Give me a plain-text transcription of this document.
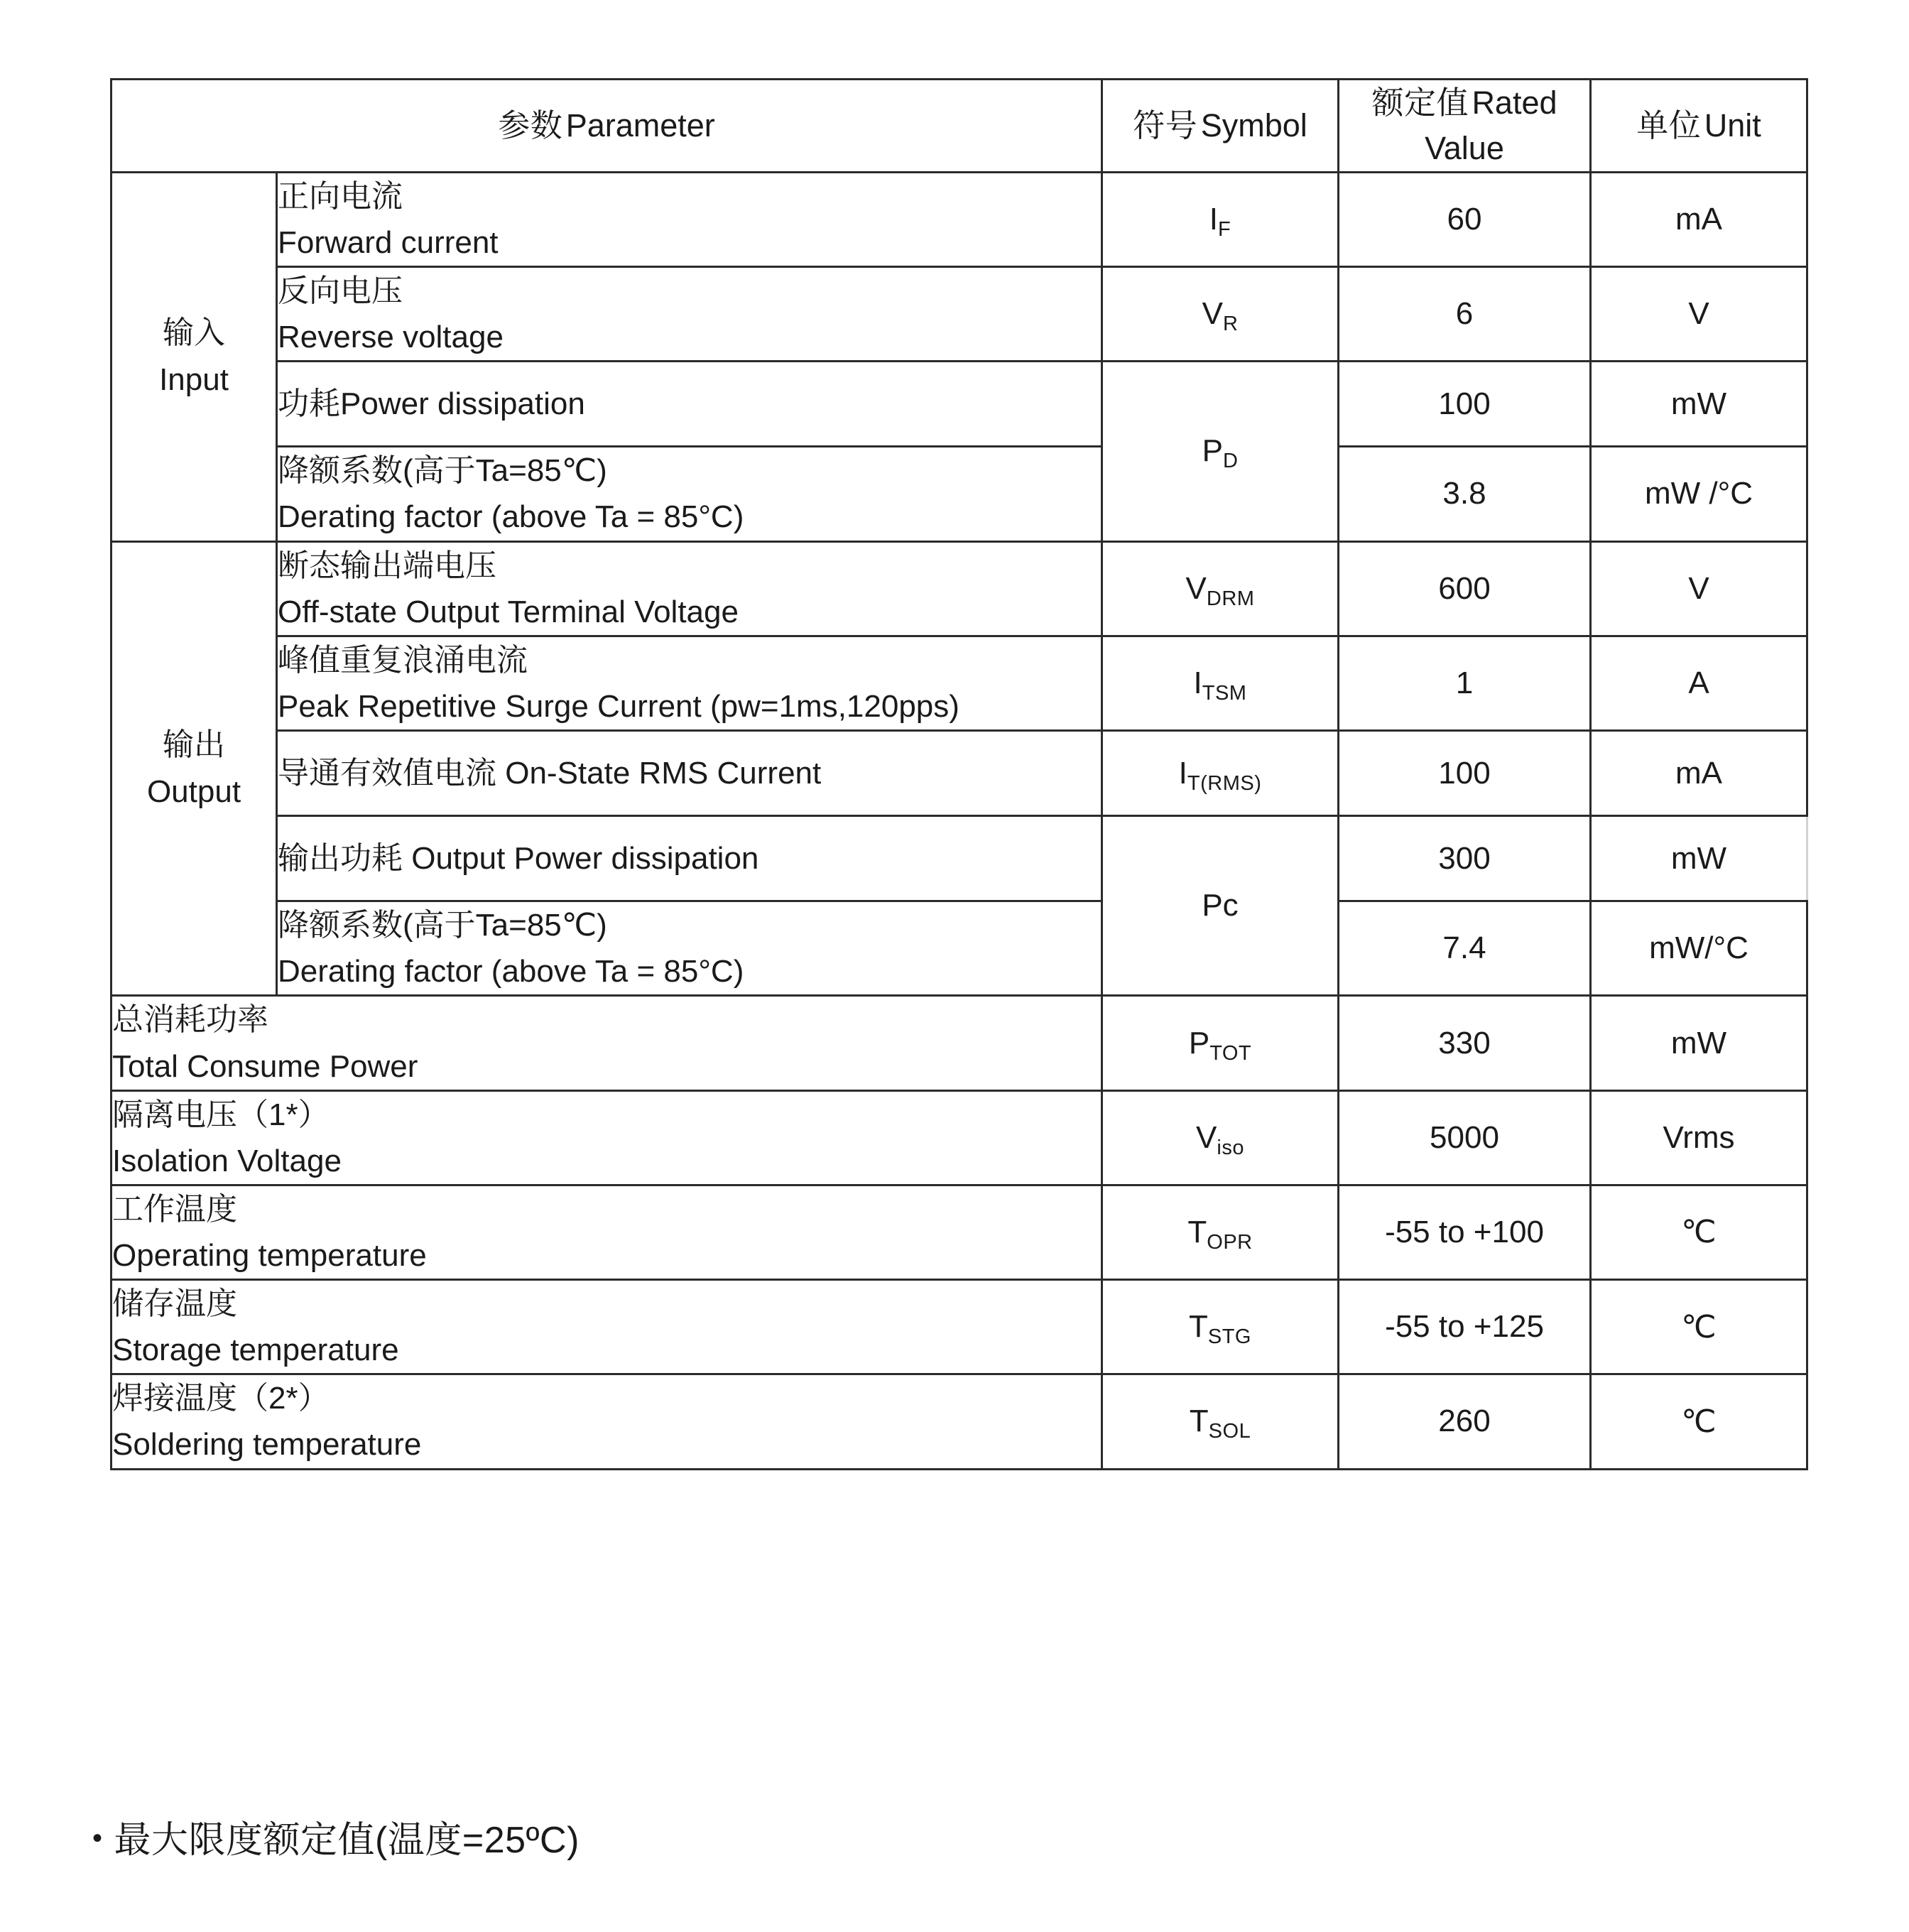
参数 Parameter		符号 Symbol	额定值 Rated Value	单位 Unit

输入
Input	正向电流
Forward current	$I_F$	60	mA

	反向电压
Reverse voltage	$V_R$	6	V

	功耗Power dissipation	$P_D$	100	mW

	降额系数(高于Ta=85℃)
Derating factor (above Ta = 85°C)		3.8	mW /°C

输出
Output	断态输出端电压
Off-state Output Terminal Voltage	$V_{DRM}$	600	V

	峰值重复浪涌电流
Peak Repetitive Surge Current (pw=1ms,120pps)	$I_{TSM}$	1	A

	导通有效值电流 On-State RMS Current	$I_{T(RMS)}$	100	mA

	输出功耗 Output Power dissipation	Pc	300	mW

	降额系数(高于Ta=85℃)
Derating factor (above Ta = 85°C)		7.4	mW/°C

总消耗功率
Total Consume Power		$P_{TOT}$	330	mW

隔离电压（1*）
Isolation Voltage		$V_{iso}$	5000	Vrms

工作温度
Operating temperature		$T_{OPR}$	-55 to +100	℃

储存温度
Storage temperature		$T_{STG}$	-55 to +125	℃

焊接温度（2*）
Soldering temperature		$T_{SOL}$	260	℃
• 最大限度额定值(温度=25ºC)
